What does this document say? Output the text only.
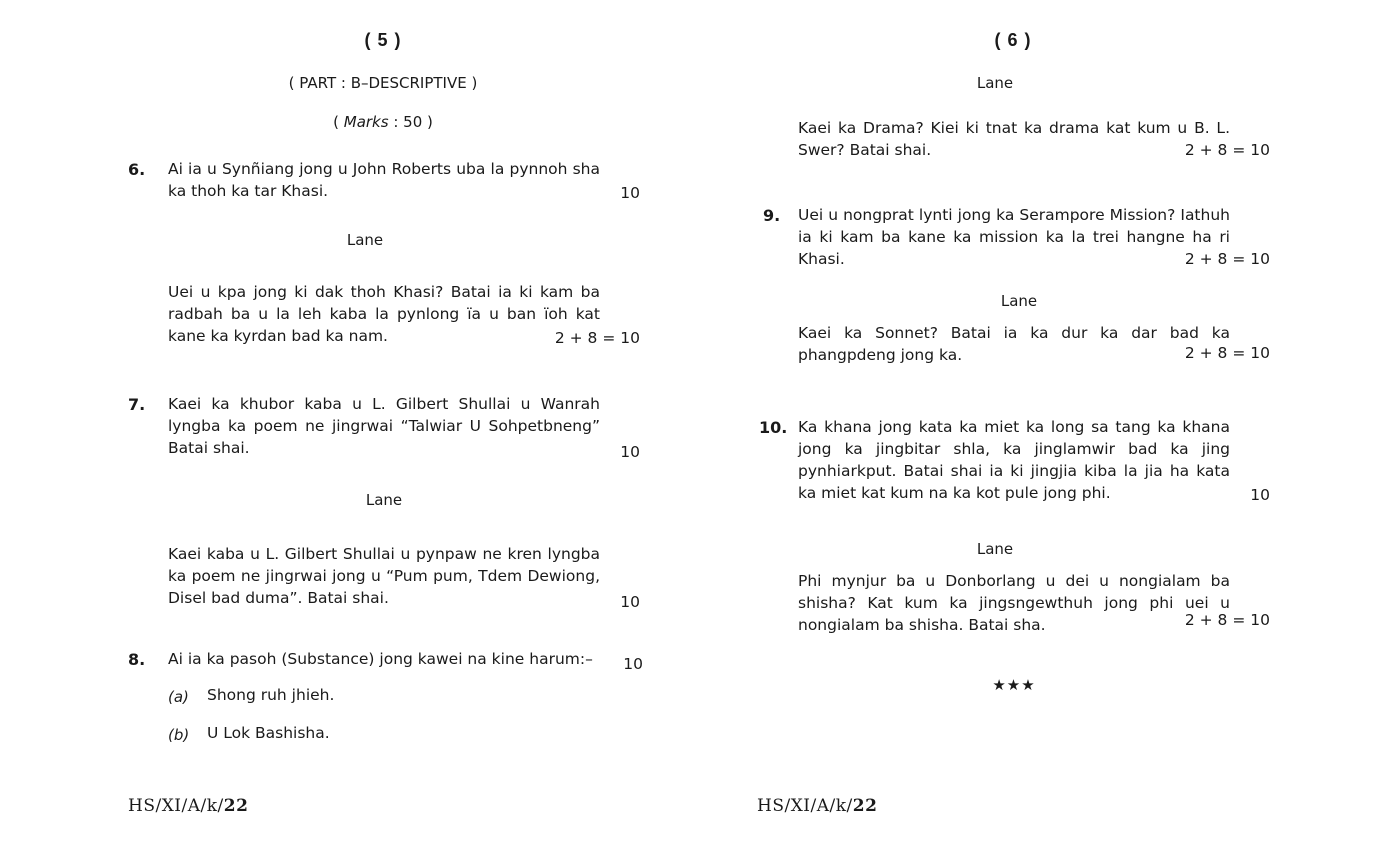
( 5 )
( PART : B–DESCRIPTIVE )
( Marks : 50 )
6. Ai ia u Synñiang jong u John Roberts uba la pynnoh sha ka thoh ka tar Khasi.	10
Lane

Uei u kpa jong ki dak thoh Khasi? Batai ia ki kam ba radbah ba u la leh kaba la pynlong ïa u ban ïoh kat kane ka kyrdan bad ka nam.	2 + 8 = 10
7. Kaei ka khubor kaba u L. Gilbert Shullai u Wanrah lyngba ka poem ne jingrwai “Talwiar U Sohpetbneng” Batai shai.	10
Lane

Kaei kaba u L. Gilbert Shullai u pynpaw ne kren lyngba ka poem ne jingrwai jong u “Pum pum, Tdem Dewiong, Disel bad duma”. Batai shai.	10
8. Ai ia ka pasoh (Substance) jong kawei na kine harum:–	10
(a) Shong ruh jhieh.
(b) U Lok Bashisha.
HS/XI/A/k/22
( 6 )
Lane

Kaei ka Drama? Kiei ki tnat ka drama kat kum u B. L. Swer? Batai shai.	2 + 8 = 10
9. Uei u nongprat lynti jong ka Serampore Mission? Iathuh ia ki kam ba kane ka mission ka la trei hangne ha ri Khasi.	2 + 8 = 10
Lane

Kaei ka Sonnet? Batai ia ka dur ka dar bad ka phangpdeng jong ka.	2 + 8 = 10
10. Ka khana jong kata ka miet ka long sa tang ka khana jong ka jingbitar shla, ka jinglamwir bad ka jing pynhiarkput. Batai shai ia ki jingjia kiba la jia ha kata ka miet kat kum na ka kot pule jong phi.	10
Lane

Phi mynjur ba u Donborlang u dei u nongialam ba shisha? Kat kum ka jingsngewthuh jong phi uei u nongialam ba shisha. Batai sha.	2 + 8 = 10
★★★
HS/XI/A/k/22
